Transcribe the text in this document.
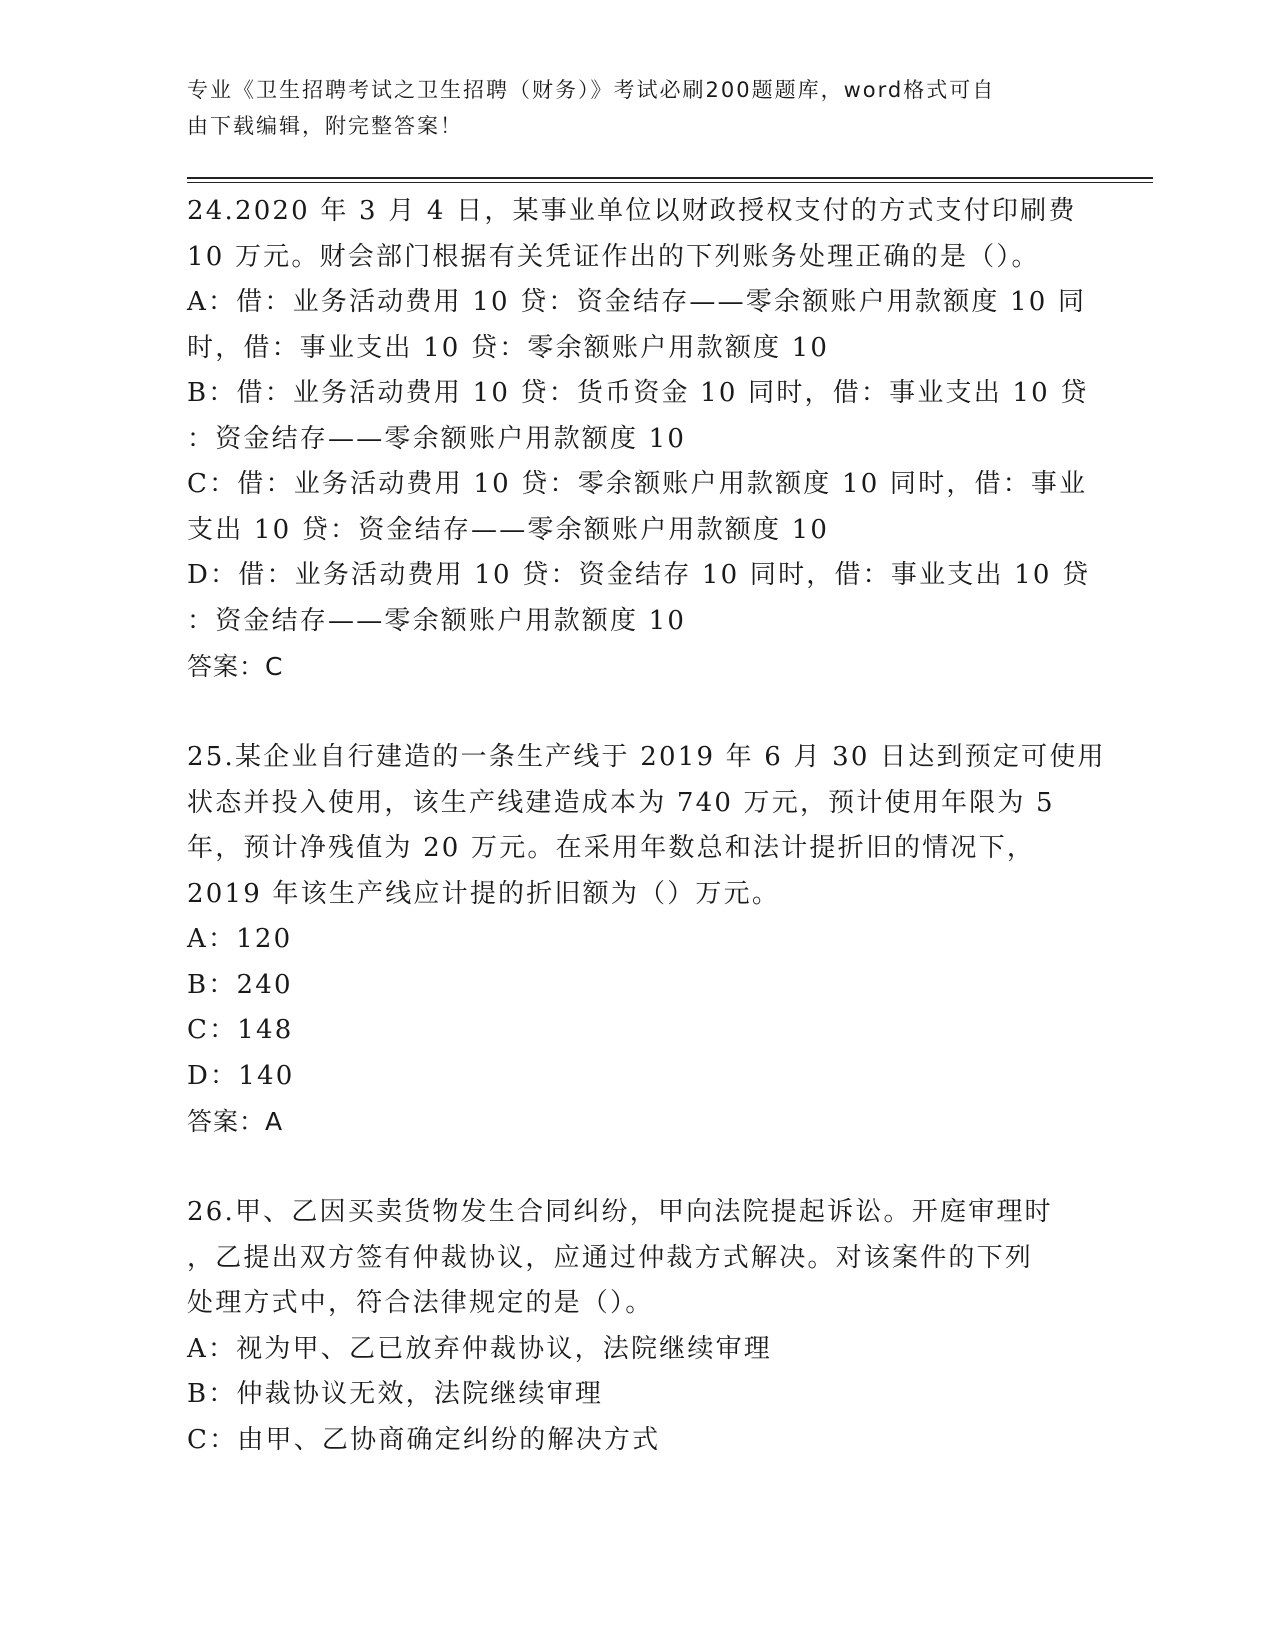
专业《卫生招聘考试之卫生招聘（财务）》考试必刷200题题库，word格式可自
由下载编辑，附完整答案！
24.2020 年 3 月 4 日，某事业单位以财政授权支付的方式支付印刷费
10 万元。财会部门根据有关凭证作出的下列账务处理正确的是（）。
A：借：业务活动费用 10 贷：资金结存——零余额账户用款额度 10 同
时，借：事业支出 10 贷：零余额账户用款额度 10
B：借：业务活动费用 10 贷：货币资金 10 同时，借：事业支出 10 贷
：资金结存——零余额账户用款额度 10
C：借：业务活动费用 10 贷：零余额账户用款额度 10 同时，借：事业
支出 10 贷：资金结存——零余额账户用款额度 10
D：借：业务活动费用 10 贷：资金结存 10 同时，借：事业支出 10 贷
：资金结存——零余额账户用款额度 10
答案：C
25.某企业自行建造的一条生产线于 2019 年 6 月 30 日达到预定可使用
状态并投入使用，该生产线建造成本为 740 万元，预计使用年限为 5
年，预计净残值为 20 万元。在采用年数总和法计提折旧的情况下，
2019 年该生产线应计提的折旧额为（）万元。
A：120
B：240
C：148
D：140
答案：A
26.甲、乙因买卖货物发生合同纠纷，甲向法院提起诉讼。开庭审理时
，乙提出双方签有仲裁协议，应通过仲裁方式解决。对该案件的下列
处理方式中，符合法律规定的是（）。
A：视为甲、乙已放弃仲裁协议，法院继续审理
B：仲裁协议无效，法院继续审理
C：由甲、乙协商确定纠纷的解决方式
